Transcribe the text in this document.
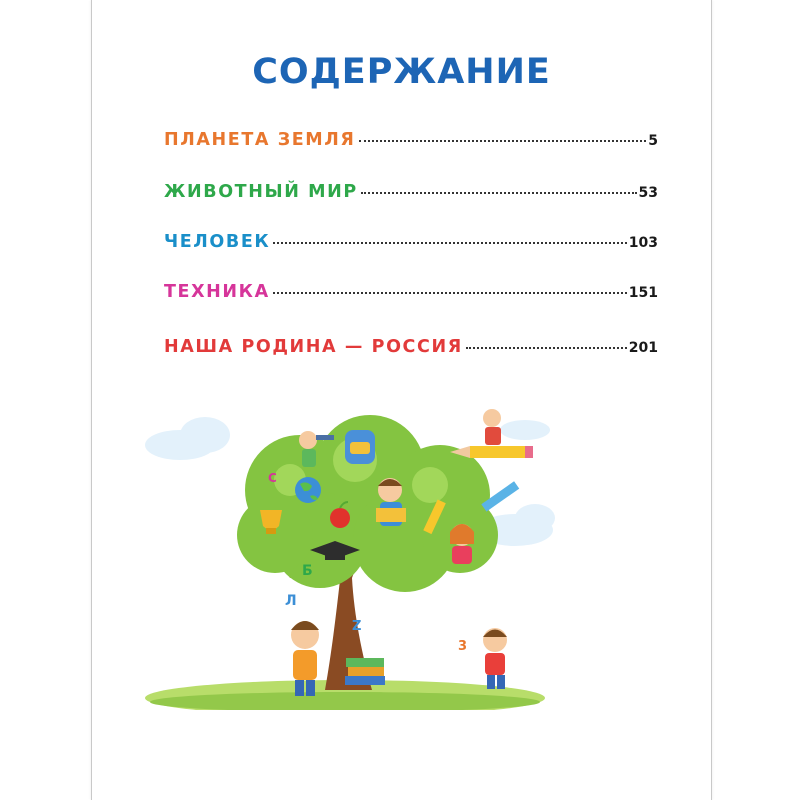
СОДЕРЖАНИЕ
ПЛАНЕТА ЗЕМЛЯ	5
ЖИВОТНЫЙ МИР	53
ЧЕЛОВЕК	103
ТЕХНИКА	151
НАША РОДИНА — РОССИЯ	201
C
Б
Л
Z
3
